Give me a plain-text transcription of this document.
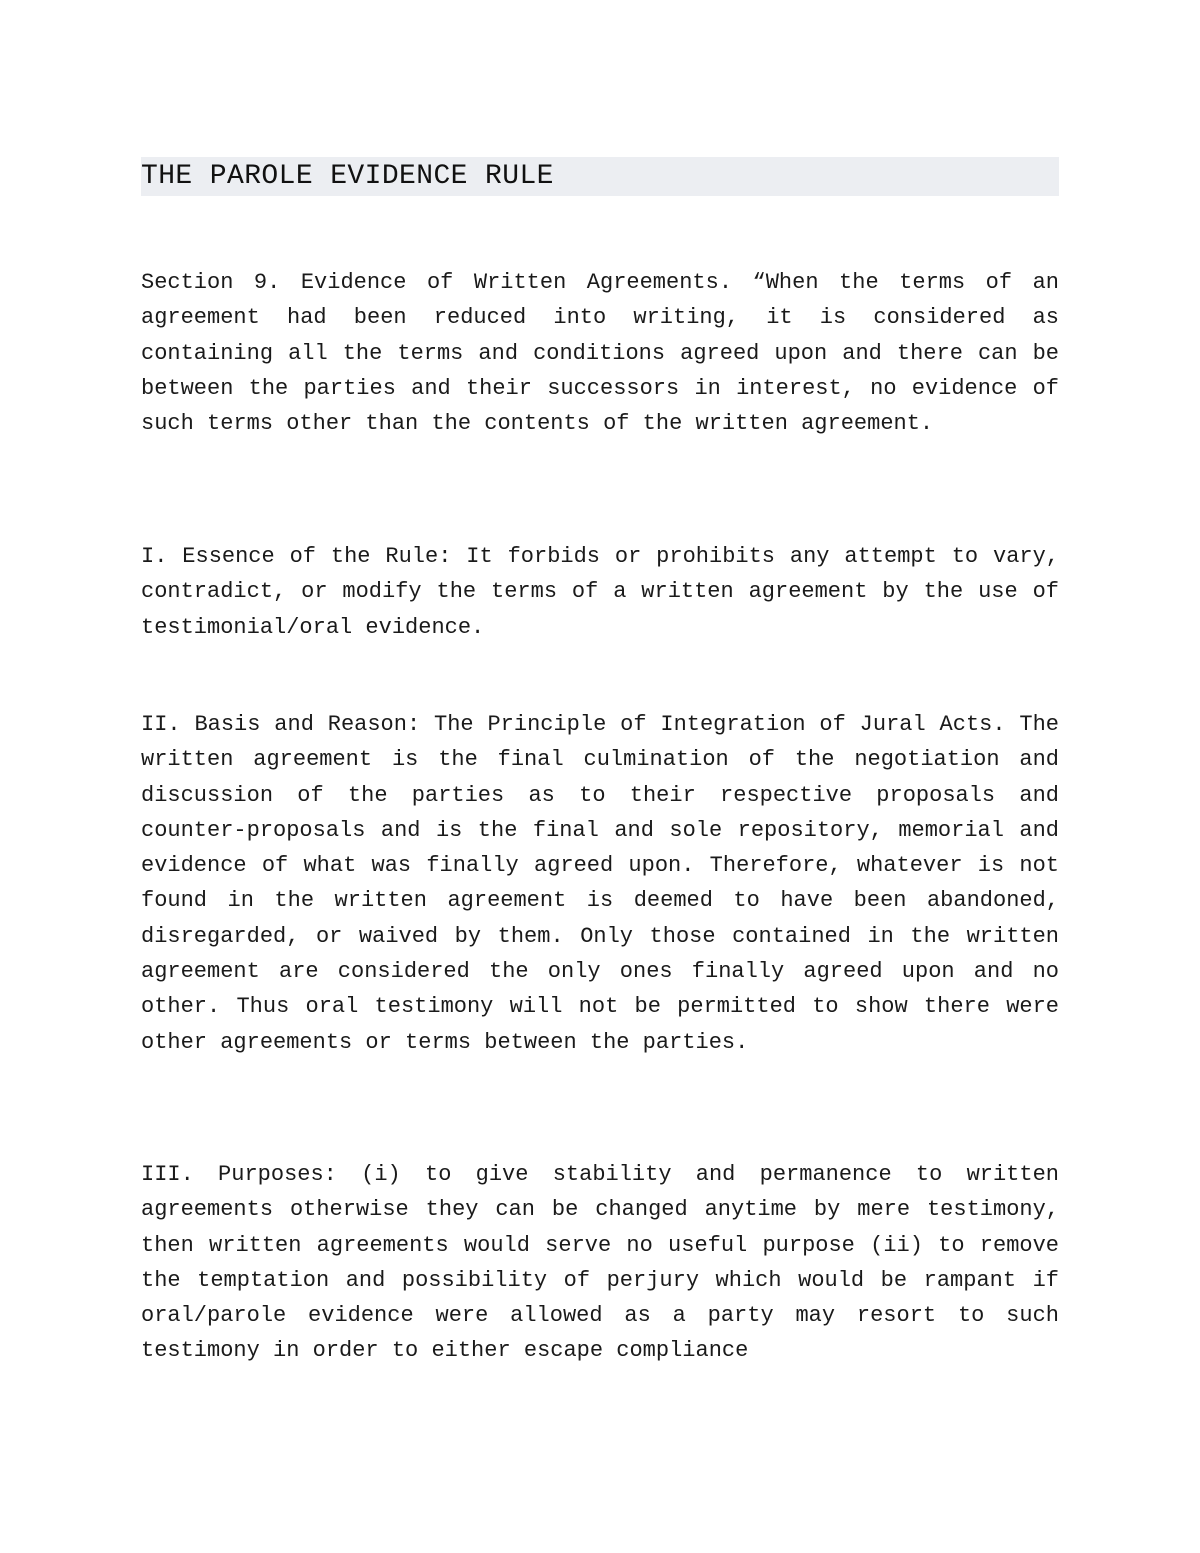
THE PAROLE EVIDENCE RULE

Section 9. Evidence of Written Agreements. “When the terms of an agreement had been reduced into writing, it is considered as containing all the terms and conditions agreed upon and there can be between the parties and their successors in interest, no evidence of such terms other than the contents of the written agreement.

I. Essence of the Rule: It forbids or prohibits any attempt to vary, contradict, or modify the terms of a written agreement by the use of testimonial/oral evidence.

II. Basis and Reason: The Principle of Integration of Jural Acts. The written agreement is the final culmination of the negotiation and discussion of the parties as to their respective proposals and counter-proposals and is the final and sole repository, memorial and evidence of what was finally agreed upon. Therefore, whatever is not found in the written agreement is deemed to have been abandoned, disregarded, or waived by them. Only those contained in the written agreement are considered the only ones finally agreed upon and no other. Thus oral testimony will not be permitted to show there were other agreements or terms between the parties.

III. Purposes: (i) to give stability and permanence to written agreements otherwise they can be changed anytime by mere testimony, then written agreements would serve no useful purpose (ii) to remove the temptation and possibility of perjury which would be rampant if oral/parole evidence were allowed as a party may resort to such testimony in order to either escape compliance
